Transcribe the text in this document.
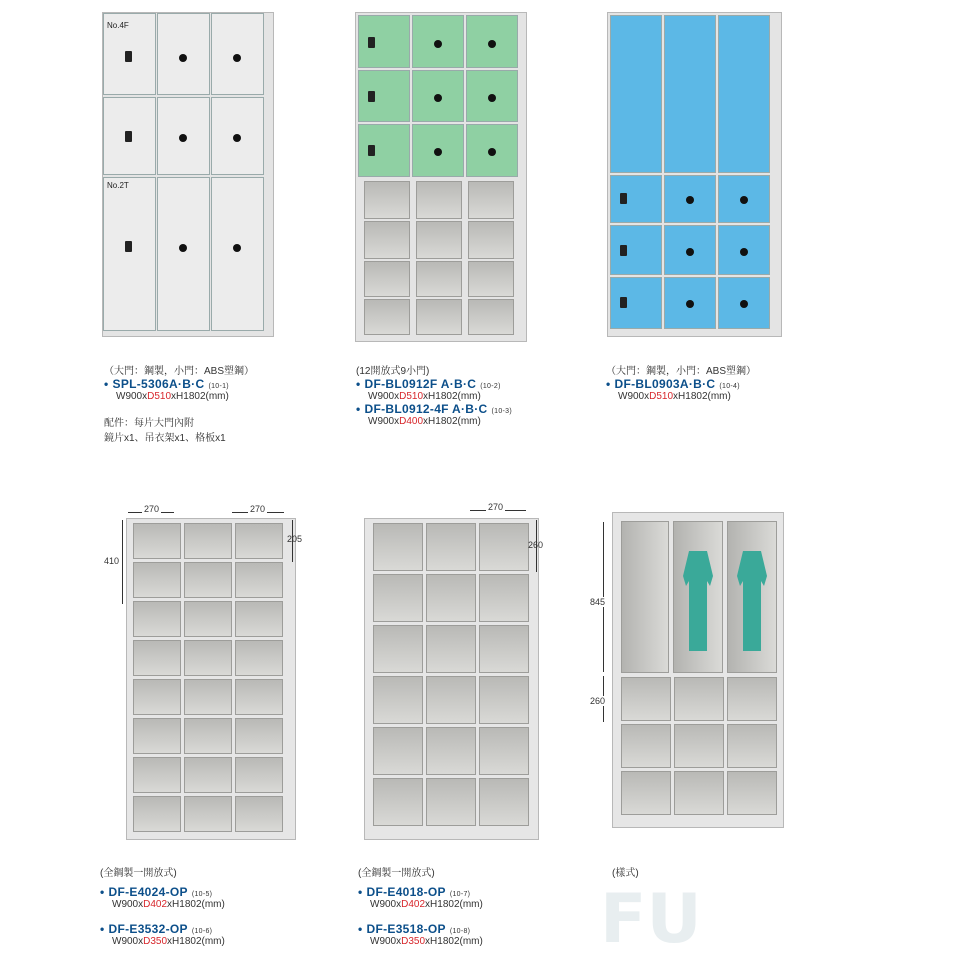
No.4F
No.2T
（大門：鋼製，小門：ABS塑鋼）
• SPL-5306A·B·C (10-1)
W900xD510xH1802(mm)
配件：每片大門內附
鏡片x1、吊衣架x1、格板x1
(12開放式9小門)
• DF-BL0912F A·B·C (10-2)
W900xD510xH1802(mm)
• DF-BL0912-4F A·B·C (10-3)
W900xD400xH1802(mm)
（大門：鋼製，小門：ABS塑鋼）
• DF-BL0903A·B·C (10-4)
W900xD510xH1802(mm)
270	270
410
205
270
260
845
260
FU
(全鋼製一開放式)
• DF-E4024-OP (10-5)
W900xD402xH1802(mm)
• DF-E3532-OP (10-6)
W900xD350xH1802(mm)
(全鋼製一開放式)
• DF-E4018-OP (10-7)
W900xD402xH1802(mm)
• DF-E3518-OP (10-8)
W900xD350xH1802(mm)
(樣式)
